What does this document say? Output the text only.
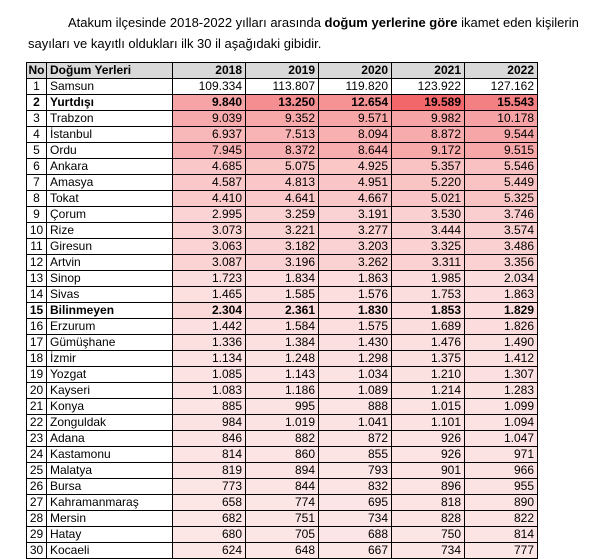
Atakum ilçesinde 2018-2022 yılları arasında doğum yerlerine göre ikamet eden kişilerin sayıları ve kayıtlı oldukları ilk 30 il aşağıdaki gibidir.
No	Doğum Yerleri	2018	2019	2020	2021	2022
1	Samsun	109.334	113.807	119.820	123.922	127.162
2	Yurtdışı	9.840	13.250	12.654	19.589	15.543
3	Trabzon	9.039	9.352	9.571	9.982	10.178
4	İstanbul	6.937	7.513	8.094	8.872	9.544
5	Ordu	7.945	8.372	8.644	9.172	9.515
6	Ankara	4.685	5.075	4.925	5.357	5.546
7	Amasya	4.587	4.813	4.951	5.220	5.449
8	Tokat	4.410	4.641	4.667	5.021	5.325
9	Çorum	2.995	3.259	3.191	3.530	3.746
10	Rize	3.073	3.221	3.277	3.444	3.574
11	Giresun	3.063	3.182	3.203	3.325	3.486
12	Artvin	3.087	3.196	3.262	3.311	3.356
13	Sinop	1.723	1.834	1.863	1.985	2.034
14	Sivas	1.465	1.585	1.576	1.753	1.863
15	Bilinmeyen	2.304	2.361	1.830	1.853	1.829
16	Erzurum	1.442	1.584	1.575	1.689	1.826
17	Gümüşhane	1.336	1.384	1.430	1.476	1.490
18	İzmir	1.134	1.248	1.298	1.375	1.412
19	Yozgat	1.085	1.143	1.034	1.210	1.307
20	Kayseri	1.083	1.186	1.089	1.214	1.283
21	Konya	885	995	888	1.015	1.099
22	Zonguldak	984	1.019	1.041	1.101	1.094
23	Adana	846	882	872	926	1.047
24	Kastamonu	814	860	855	926	971
25	Malatya	819	894	793	901	966
26	Bursa	773	844	832	896	955
27	Kahramanmaraş	658	774	695	818	890
28	Mersin	682	751	734	828	822
29	Hatay	680	705	688	750	814
30	Kocaeli	624	648	667	734	777
